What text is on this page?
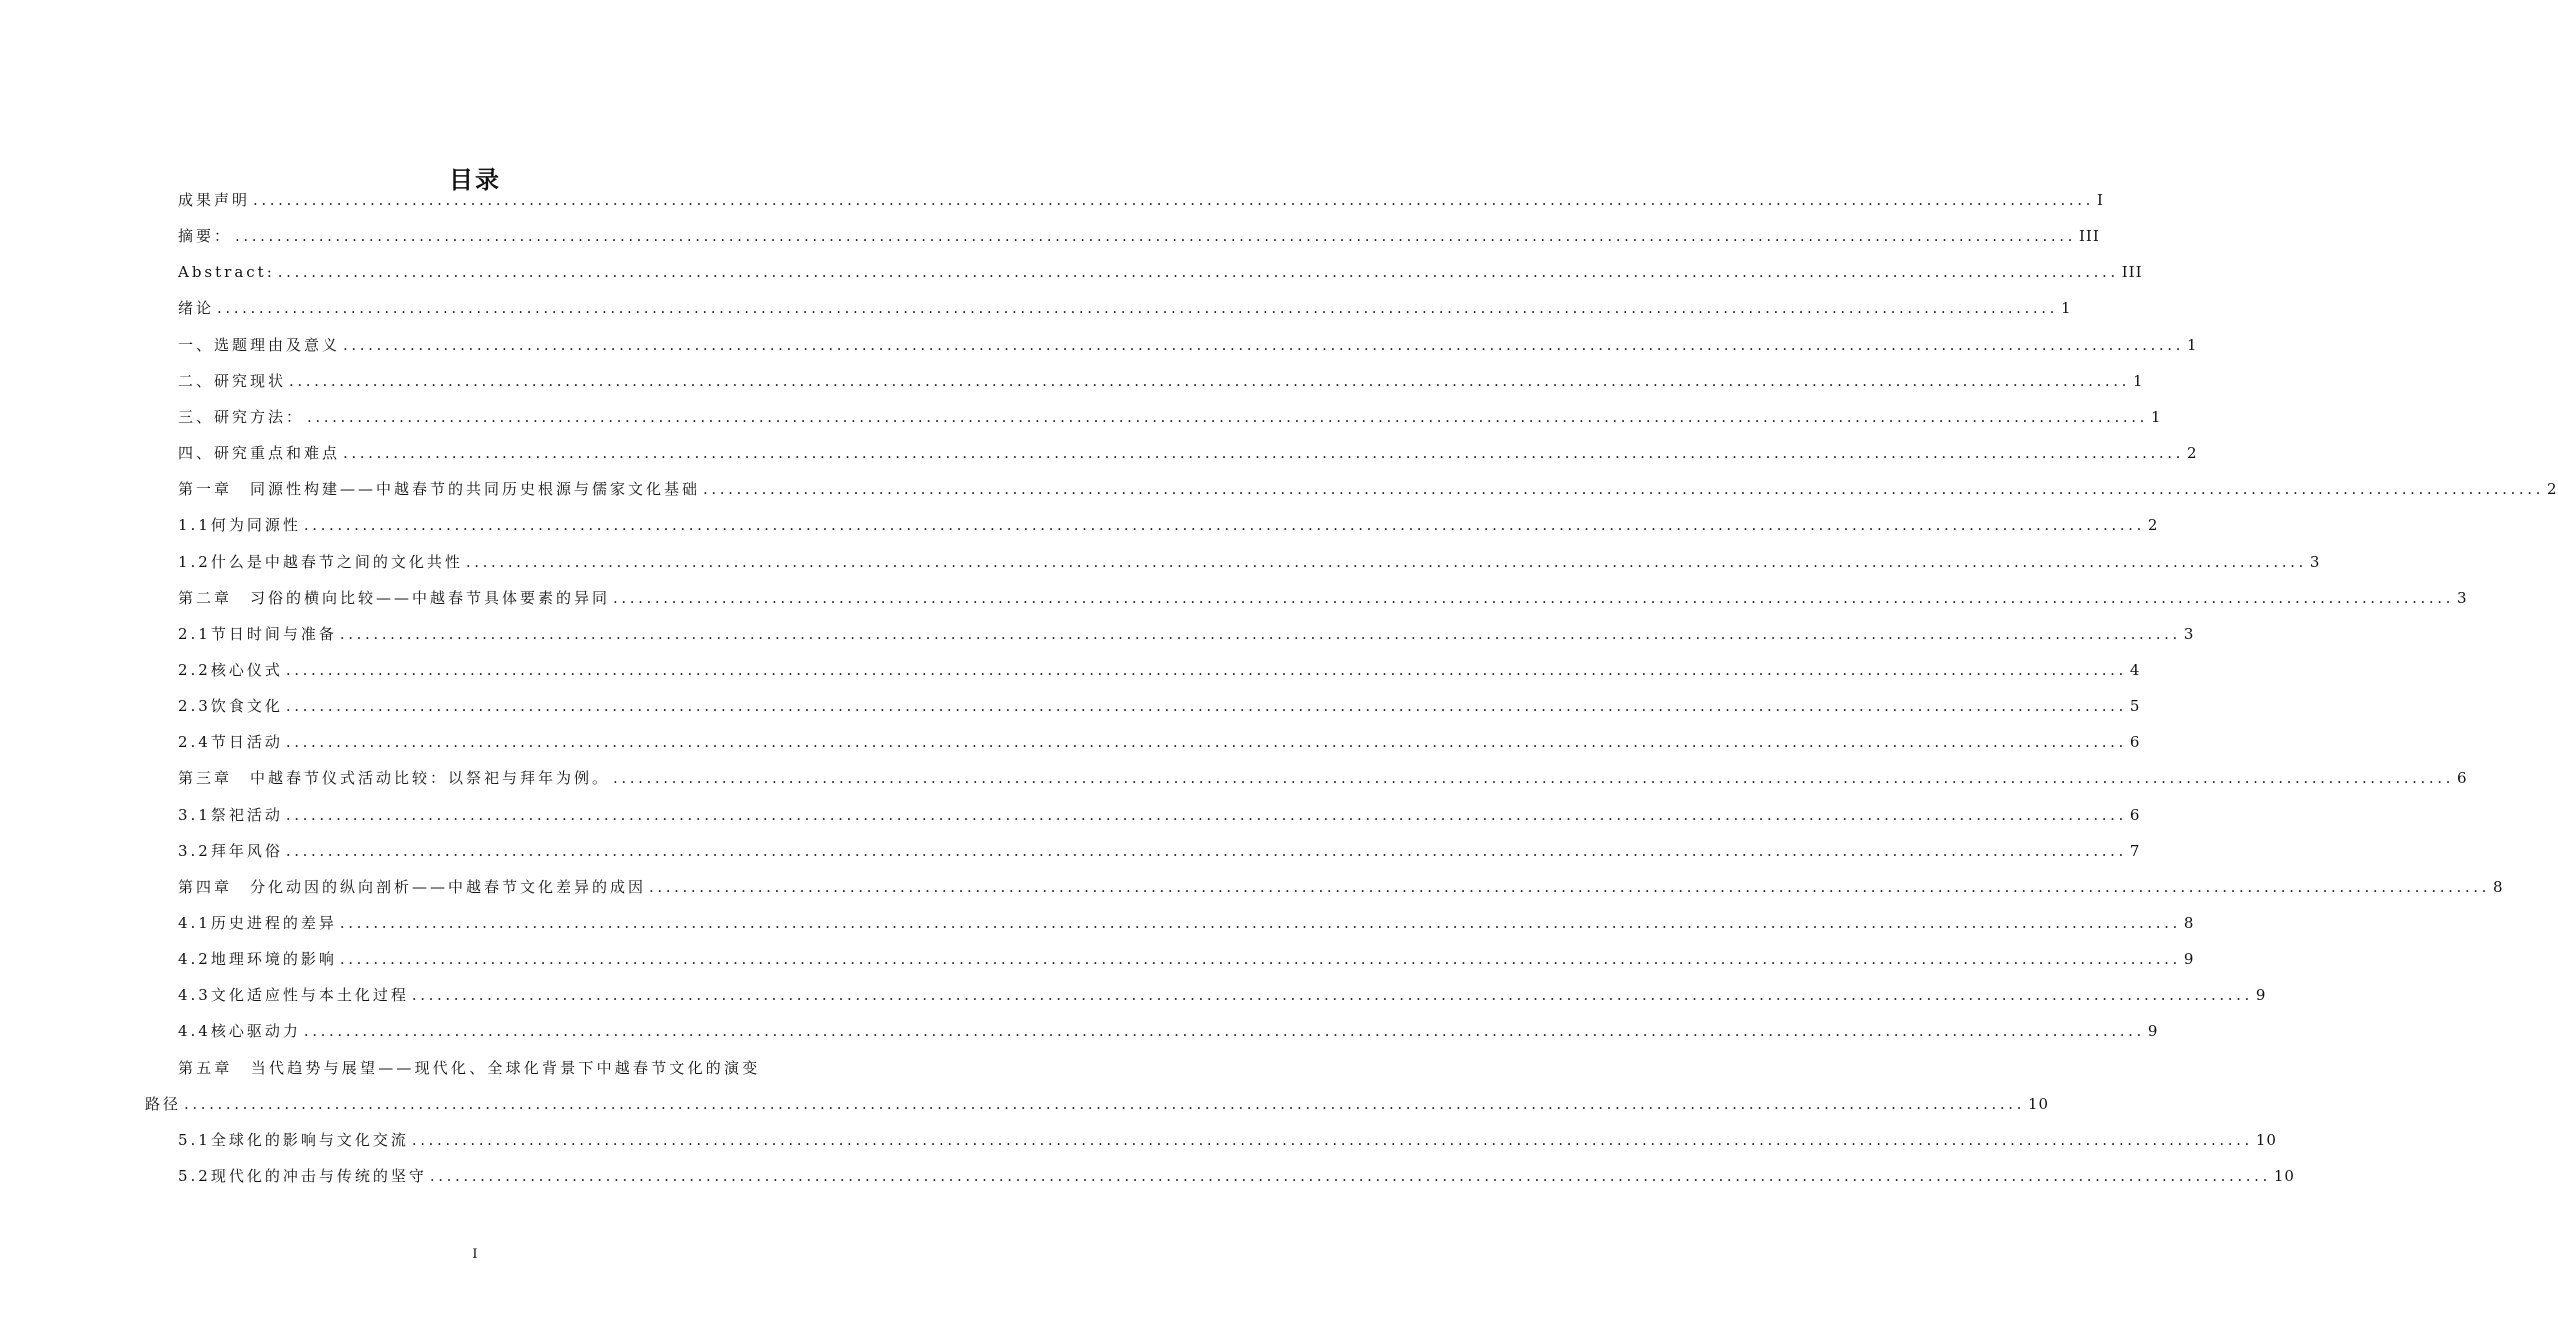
目录
成果声明 ............................................................................................................................................................................................................................ I
摘要： ............................................................................................................................................................................................................................ III
Abstract: ............................................................................................................................................................................................................................ III
绪论 ............................................................................................................................................................................................................................ 1
一、选题理由及意义 ............................................................................................................................................................................................................................ 1
二、研究现状 ............................................................................................................................................................................................................................ 1
三、研究方法： ............................................................................................................................................................................................................................ 1
四、研究重点和难点 ............................................................................................................................................................................................................................ 2
第一章　同源性构建——中越春节的共同历史根源与儒家文化基础 ............................................................................................................................................................................................................................ 2
1.1何为同源性 ............................................................................................................................................................................................................................ 2
1.2什么是中越春节之间的文化共性 ............................................................................................................................................................................................................................ 3
第二章　习俗的横向比较——中越春节具体要素的异同 ............................................................................................................................................................................................................................ 3
2.1节日时间与准备 ............................................................................................................................................................................................................................ 3
2.2核心仪式 ............................................................................................................................................................................................................................ 4
2.3饮食文化 ............................................................................................................................................................................................................................ 5
2.4节日活动 ............................................................................................................................................................................................................................ 6
第三章　中越春节仪式活动比较：以祭祀与拜年为例。 ............................................................................................................................................................................................................................ 6
3.1祭祀活动 ............................................................................................................................................................................................................................ 6
3.2拜年风俗 ............................................................................................................................................................................................................................ 7
第四章　分化动因的纵向剖析——中越春节文化差异的成因 ............................................................................................................................................................................................................................ 8
4.1历史进程的差异 ............................................................................................................................................................................................................................ 8
4.2地理环境的影响 ............................................................................................................................................................................................................................ 9
4.3文化适应性与本土化过程 ............................................................................................................................................................................................................................ 9
4.4核心驱动力 ............................................................................................................................................................................................................................ 9
第五章　当代趋势与展望——现代化、全球化背景下中越春节文化的演变
路径 ............................................................................................................................................................................................................................ 10
5.1全球化的影响与文化交流 ............................................................................................................................................................................................................................ 10
5.2现代化的冲击与传统的坚守 ............................................................................................................................................................................................................................ 10
I
